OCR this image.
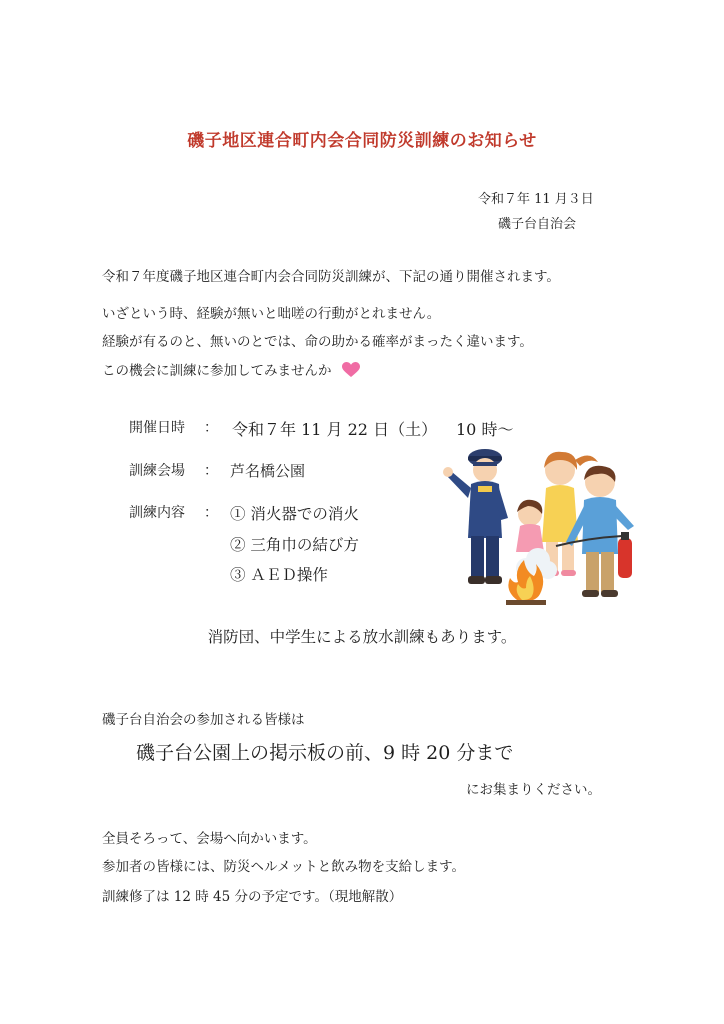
磯子地区連合町内会合同防災訓練のお知らせ
令和７年 11 月３日
磯子台自治会
令和７年度磯子地区連合町内会合同防災訓練が、下記の通り開催されます。
いざという時、経験が無いと咄嗟の行動がとれません。
経験が有るのと、無いのとでは、命の助かる確率がまったく違います。
この機会に訓練に参加してみませんか
開催日時 ： 令和７年 11 月 22 日（土） 10 時～
訓練会場 ： 芦名橋公園
訓練内容 ： ① 消火器での消火
② 三角巾の結び方
③ ＡＥＤ操作
消防団、中学生による放水訓練もあります。
磯子台自治会の参加される皆様は
磯子台公園上の掲示板の前、9 時 20 分まで
にお集まりください。
全員そろって、会場へ向かいます。
参加者の皆様には、防災ヘルメットと飲み物を支給します。
訓練修了は 12 時 45 分の予定です。（現地解散）
